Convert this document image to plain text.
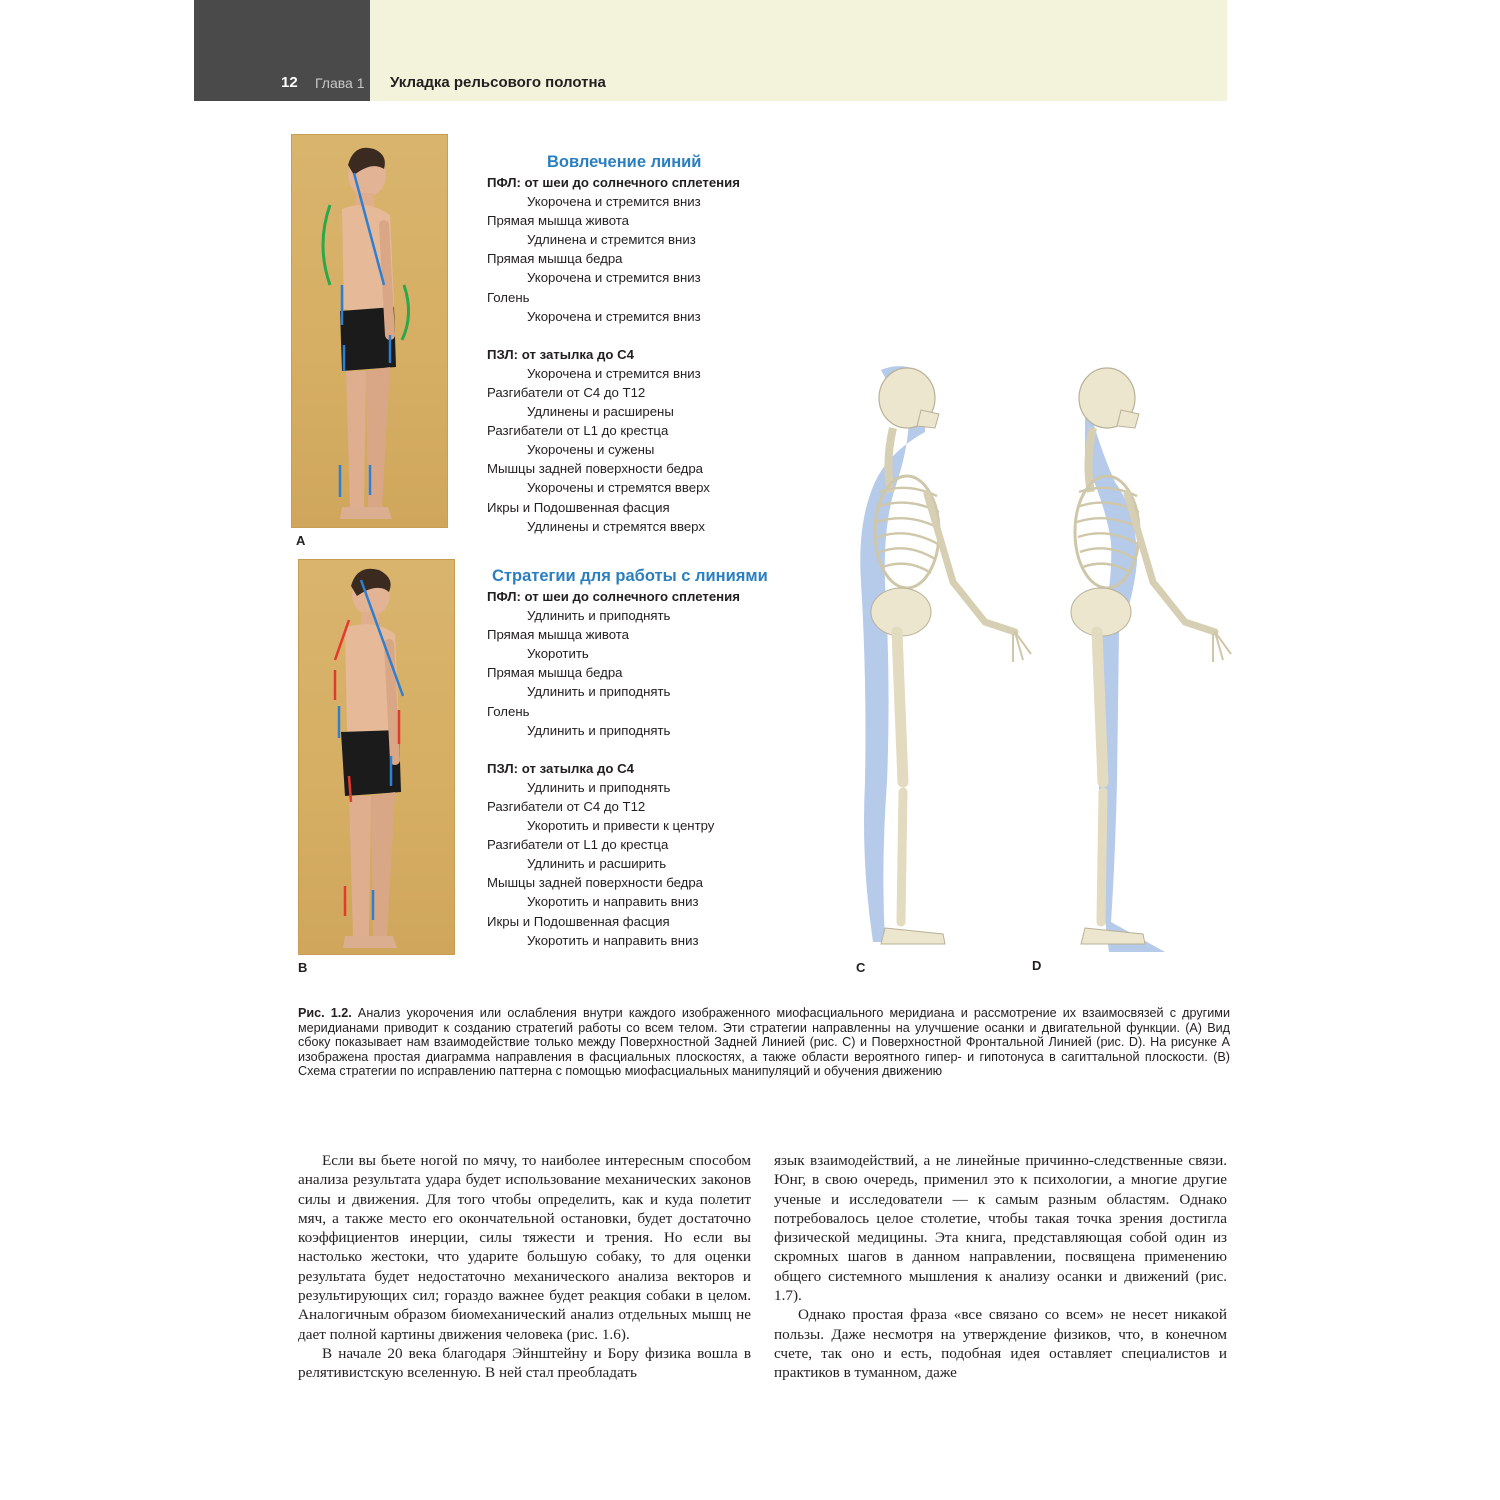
12 Глава 1 Укладка рельсового полотна
A
B
Вовлечение линий
ПФЛ: от шеи до солнечного сплетения
Укорочена и стремится вниз
Прямая мышца живота
Удлинена и стремится вниз
Прямая мышца бедра
Укорочена и стремится вниз
Голень
Укорочена и стремится вниз
ПЗЛ: от затылка до С4
Укорочена и стремится вниз
Разгибатели от С4 до Т12
Удлинены и расширены
Разгибатели от L1 до крестца
Укорочены и сужены
Мышцы задней поверхности бедра
Укорочены и стремятся вверх
Икры и Подошвенная фасция
Удлинены и стремятся вверх
Стратегии для работы с линиями
ПФЛ: от шеи до солнечного сплетения
Удлинить и приподнять
Прямая мышца живота
Укоротить
Прямая мышца бедра
Удлинить и приподнять
Голень
Удлинить и приподнять
ПЗЛ: от затылка до С4
Удлинить и приподнять
Разгибатели от С4 до Т12
Укоротить и привести к центру
Разгибатели от L1 до крестца
Удлинить и расширить
Мышцы задней поверхности бедра
Укоротить и направить вниз
Икры и Подошвенная фасция
Укоротить и направить вниз
C	D
Рис. 1.2. Анализ укорочения или ослабления внутри каждого изображенного миофасциального меридиана и рассмотрение их взаимосвязей с другими меридианами приводит к созданию стратегий работы со всем телом. Эти стратегии направленны на улучшение осанки и двигательной функции. (A) Вид сбоку показывает нам взаимодействие только между Поверхностной Задней Линией (рис. C) и Поверхностной Фронтальной Линией (рис. D). На рисунке A изображена простая диаграмма направления в фасциальных плоскостях, а также области вероятного гипер- и гипотонуса в сагиттальной плоскости. (B) Схема стратегии по исправлению паттерна с помощью миофасциальных манипуляций и обучения движению

Если вы бьете ногой по мячу, то наиболее интересным способом анализа результата удара будет использование механических законов силы и движения. Для того чтобы определить, как и куда полетит мяч, а также место его окончательной остановки, будет достаточно коэффициентов инерции, силы тяжести и трения. Но если вы настолько жестоки, что ударите большую собаку, то для оценки результата будет недостаточно механического анализа векторов и результирующих сил; гораздо важнее будет реакция собаки в целом. Аналогичным образом биомеханический анализ отдельных мышц не дает полной картины движения человека (рис. 1.6).

В начале 20 века благодаря Эйнштейну и Бору физика вошла в релятивистскую вселенную. В ней стал преобладать

язык взаимодействий, а не линейные причинно-следственные связи. Юнг, в свою очередь, применил это к психологии, а многие другие ученые и исследователи — к самым разным областям. Однако потребовалось целое столетие, чтобы такая точка зрения достигла физической медицины. Эта книга, представляющая собой один из скромных шагов в данном направлении, посвящена применению общего системного мышления к анализу осанки и движений (рис. 1.7).

Однако простая фраза «все связано со всем» не несет никакой пользы. Даже несмотря на утверждение физиков, что, в конечном счете, так оно и есть, подобная идея оставляет специалистов и практиков в туманном, даже
